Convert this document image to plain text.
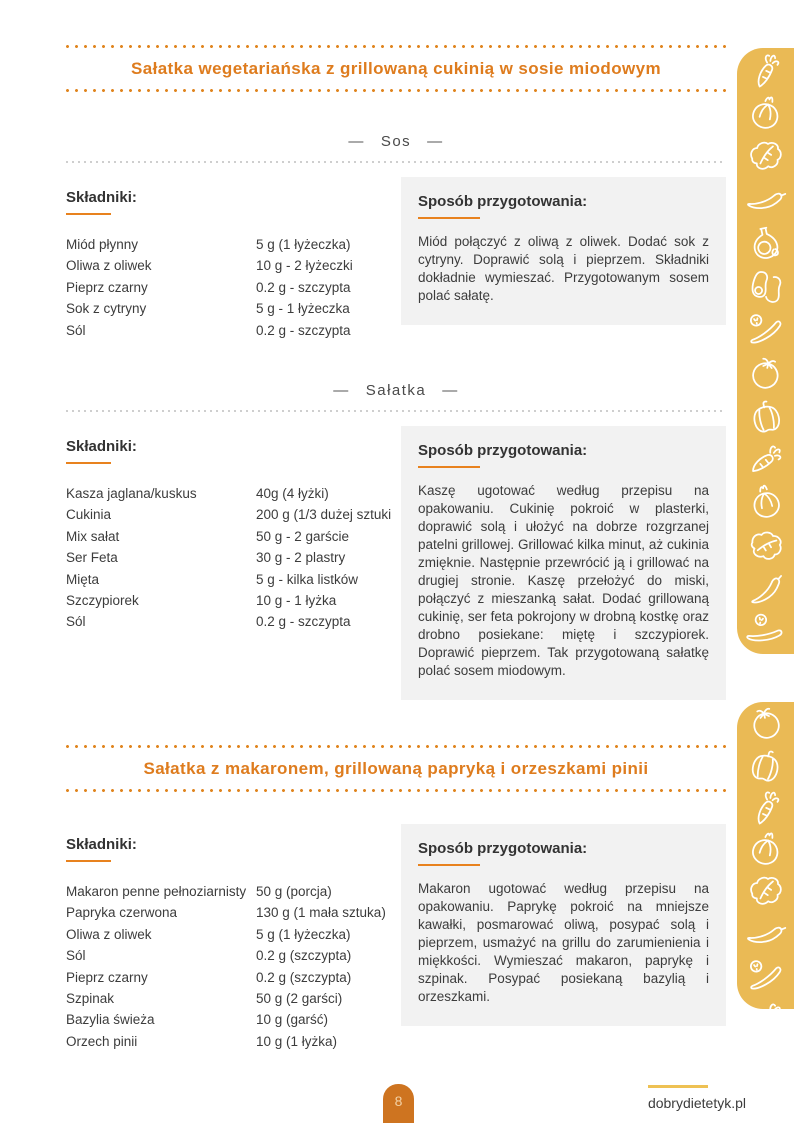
Sałatka wegetariańska z grillowaną cukinią w sosie miodowym
— Sos —
Składniki:
Miód płynny	5 g (1 łyżeczka)
Oliwa z oliwek	10 g - 2 łyżeczki
Pieprz czarny	0.2 g - szczypta
Sok z cytryny	5 g - 1 łyżeczka
Sól	0.2 g - szczypta
Sposób przygotowania:
Miód połączyć z oliwą z oliwek. Dodać sok z cytryny. Doprawić solą i pieprzem. Składniki dokładnie wymieszać. Przygotowanym sosem polać sałatę.
— Sałatka —
Składniki:
Kasza jaglana/kuskus	40g (4 łyżki)
Cukinia	200 g (1/3 dużej sztuki
Mix sałat	50 g - 2 garście
Ser Feta	30 g - 2 plastry
Mięta	5 g - kilka listków
Szczypiorek	10 g - 1 łyżka
Sól	0.2 g - szczypta
Sposób przygotowania:
Kaszę ugotować według przepisu na opakowaniu. Cukinię pokroić w plasterki, doprawić solą i ułożyć na dobrze rozgrzanej patelni grillowej. Grillować kilka minut, aż cukinia zmięknie. Następnie przewrócić ją i grillować na drugiej stronie. Kaszę przełożyć do miski, połączyć z mieszanką sałat. Dodać grillowaną cukinię, ser feta pokrojony w drobną kostkę oraz drobno posiekane: miętę i szczypiorek. Doprawić pieprzem. Tak przygotowaną sałatkę polać sosem miodowym.
Sałatka z makaronem, grillowaną papryką i orzeszkami pinii
Składniki:
Makaron penne pełnoziarnisty 50 g (porcja)
Papryka czerwona	130 g (1 mała sztuka)
Oliwa z oliwek	5 g (1 łyżeczka)
Sól	0.2 g (szczypta)
Pieprz czarny	0.2 g (szczypta)
Szpinak	50 g (2 garści)
Bazylia świeża	10 g (garść)
Orzech pinii	10 g (1 łyżka)
Sposób przygotowania:
Makaron ugotować według przepisu na opakowaniu. Paprykę pokroić na mniejsze kawałki, posmarować oliwą, posypać solą i pieprzem, usmażyć na grillu do zarumienienia i miękkości. Wymieszać makaron, paprykę i szpinak. Posypać posiekaną bazylią i orzeszkami.
8	dobrydietetyk.pl
